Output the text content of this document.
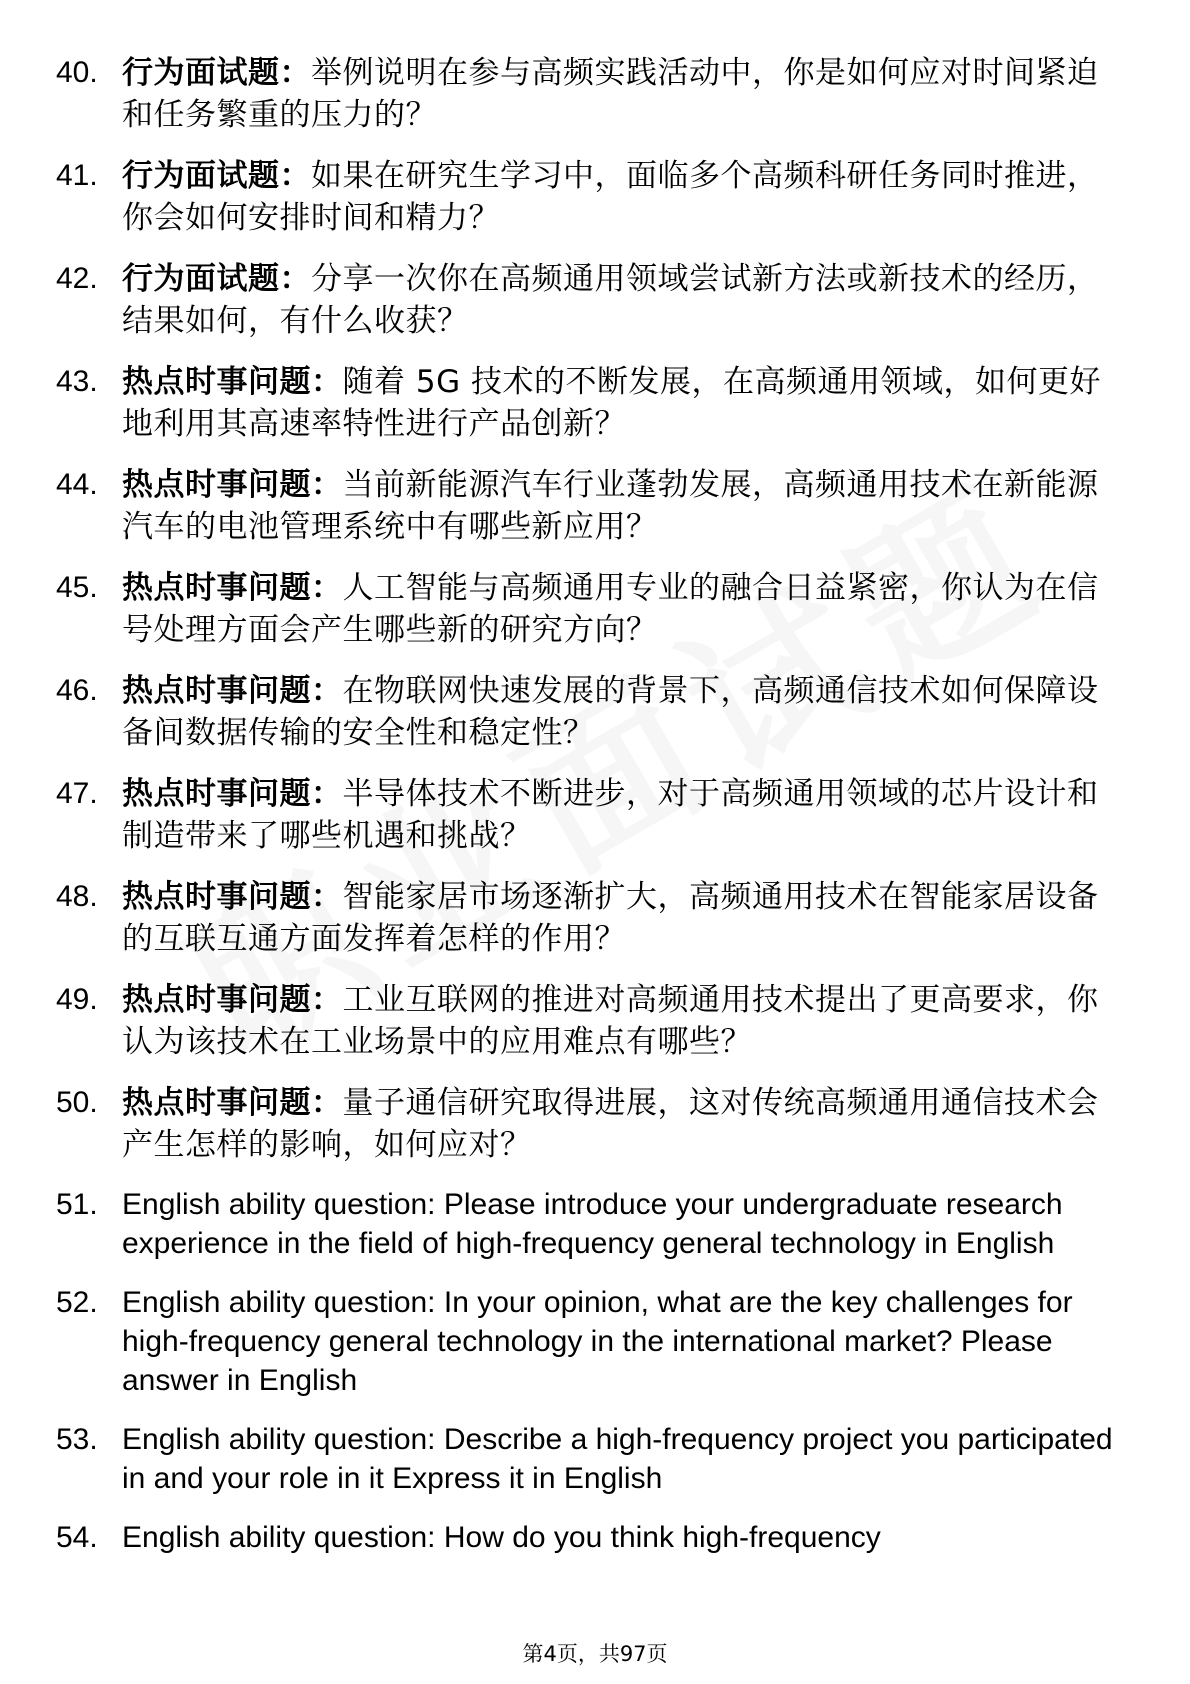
40. 行为面试题：举例说明在参与高频实践活动中，你是如何应对时间紧迫和任务繁重的压力的？
41. 行为面试题：如果在研究生学习中，面临多个高频科研任务同时推进，你会如何安排时间和精力？
42. 行为面试题：分享一次你在高频通用领域尝试新方法或新技术的经历，结果如何，有什么收获？
43. 热点时事问题：随着 5G 技术的不断发展，在高频通用领域，如何更好地利用其高速率特性进行产品创新？
44. 热点时事问题：当前新能源汽车行业蓬勃发展，高频通用技术在新能源汽车的电池管理系统中有哪些新应用？
45. 热点时事问题：人工智能与高频通用专业的融合日益紧密，你认为在信号处理方面会产生哪些新的研究方向？
46. 热点时事问题：在物联网快速发展的背景下，高频通信技术如何保障设备间数据传输的安全性和稳定性？
47. 热点时事问题：半导体技术不断进步，对于高频通用领域的芯片设计和制造带来了哪些机遇和挑战？
48. 热点时事问题：智能家居市场逐渐扩大，高频通用技术在智能家居设备的互联互通方面发挥着怎样的作用？
49. 热点时事问题：工业互联网的推进对高频通用技术提出了更高要求，你认为该技术在工业场景中的应用难点有哪些？
50. 热点时事问题：量子通信研究取得进展，这对传统高频通用通信技术会产生怎样的影响，如何应对？
51. English ability question: Please introduce your undergraduate research experience in the field of high-frequency general technology in English
52. English ability question: In your opinion, what are the key challenges for high-frequency general technology in the international market? Please answer in English
53. English ability question: Describe a high-frequency project you participated in and your role in it Express it in English
54. English ability question: How do you think high-frequency
第4页，共97页
